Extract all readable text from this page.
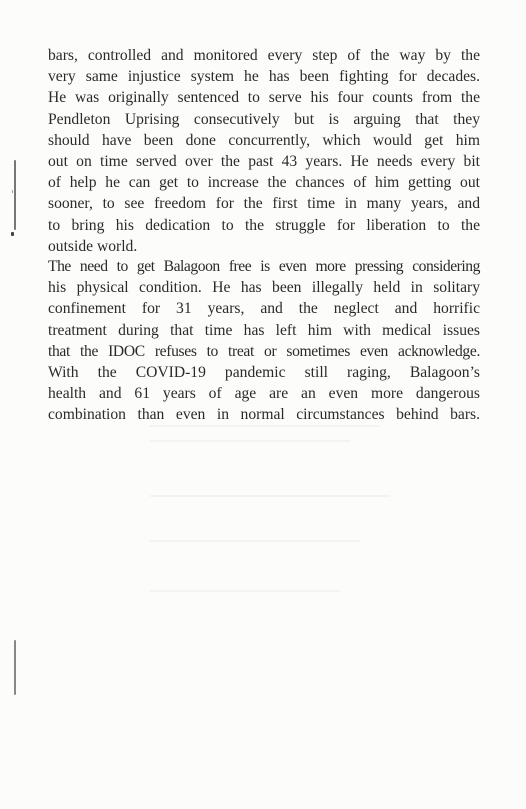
bars, controlled and monitored every step of the way by the
very same injustice system he has been fighting for decades.
He was originally sentenced to serve his four counts from the
Pendleton Uprising consecutively but is arguing that they
should have been done concurrently, which would get him
out on time served over the past 43 years. He needs every bit
of help he can get to increase the chances of him getting out
sooner, to see freedom for the first time in many years, and
to bring his dedication to the struggle for liberation to the
outside world.
The need to get Balagoon free is even more pressing considering
his physical condition. He has been illegally held in solitary
confinement for 31 years, and the neglect and horrific
treatment during that time has left him with medical issues
that the IDOC refuses to treat or sometimes even acknowledge.
With the COVID-19 pandemic still raging, Balagoon’s
health and 61 years of age are an even more dangerous
combination than even in normal circumstances behind bars.
